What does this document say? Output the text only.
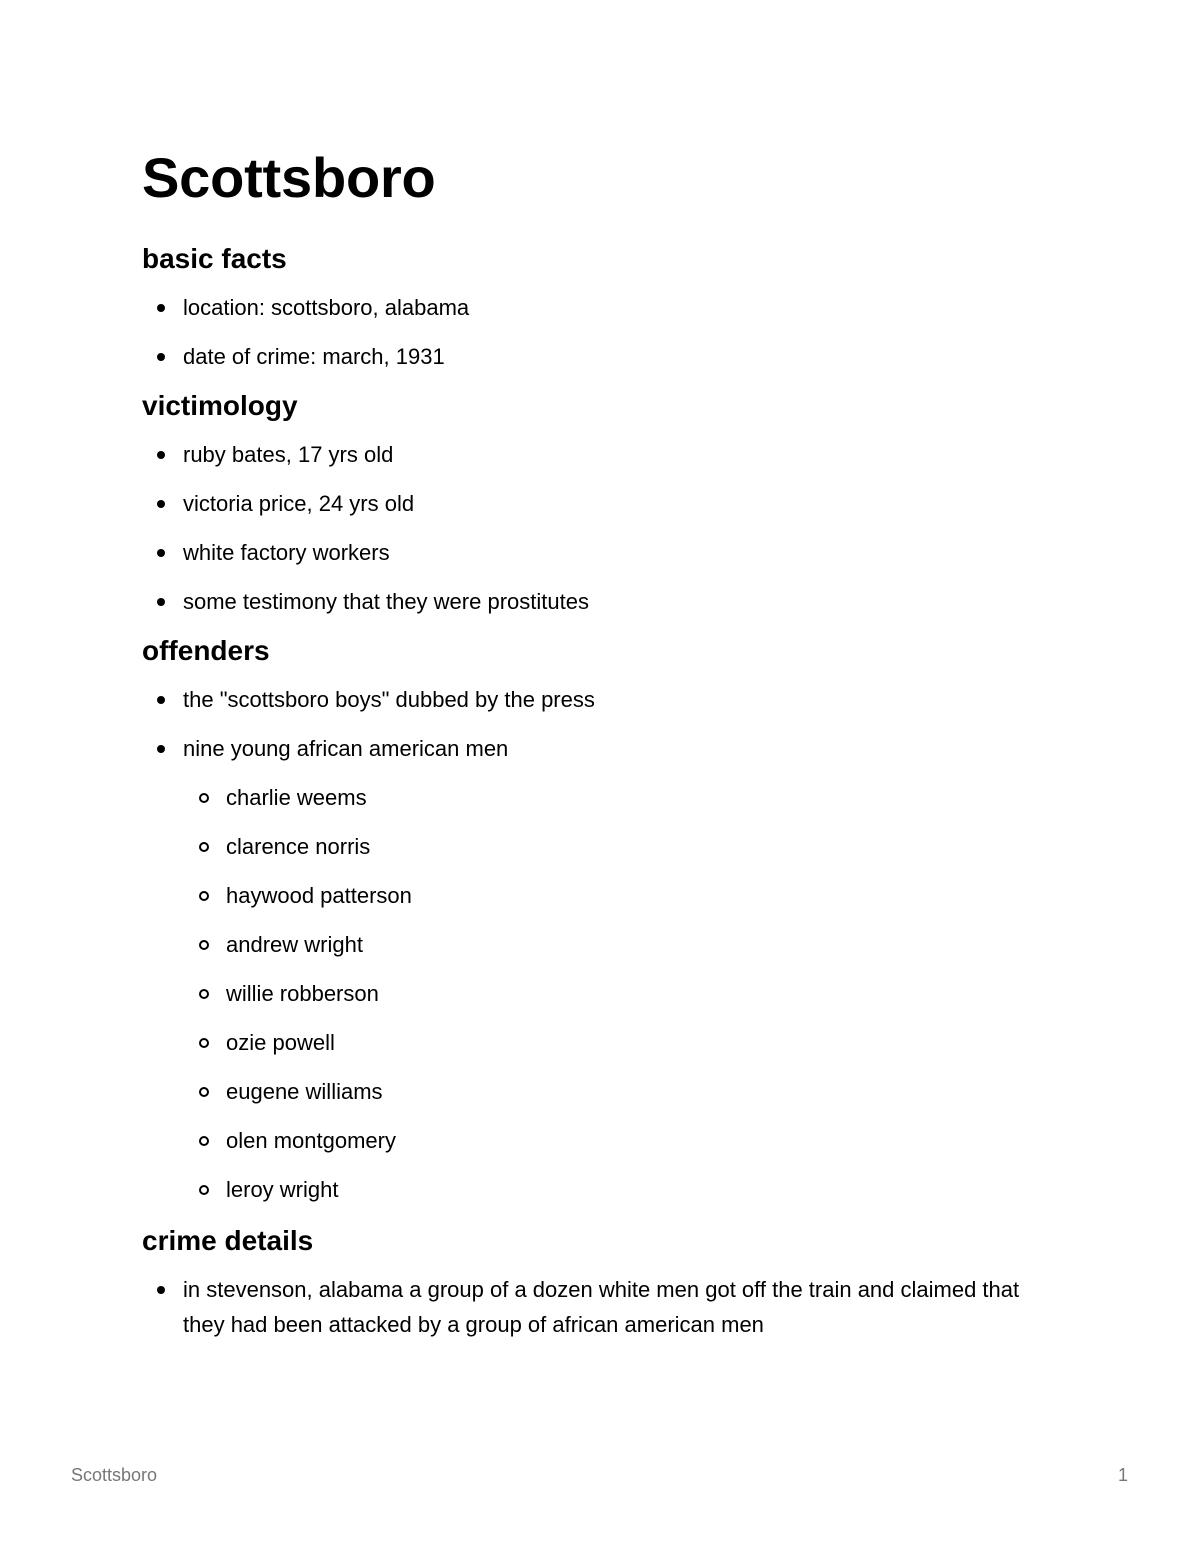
Scottsboro
basic facts
location: scottsboro, alabama
date of crime: march, 1931
victimology
ruby bates, 17 yrs old
victoria price, 24 yrs old
white factory workers
some testimony that they were prostitutes
offenders
the "scottsboro boys" dubbed by the press
nine young african american men
charlie weems
clarence norris
haywood patterson
andrew wright
willie robberson
ozie powell
eugene williams
olen montgomery
leroy wright
crime details
in stevenson, alabama a group of a dozen white men got off the train and claimed that they had been attacked by a group of african american men
Scottsboro	1
